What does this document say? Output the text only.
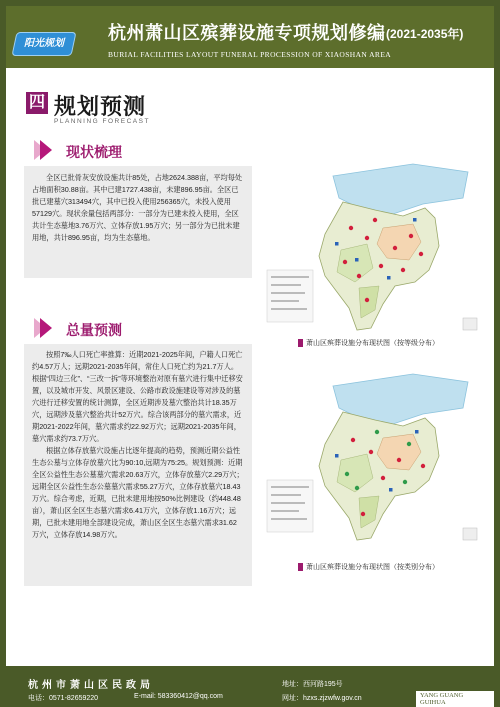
阳光规划
杭州萧山区殡葬设施专项规划修编 (2021-2035年)
BURIAL FACILITIES LAYOUT FUNERAL PROCESSION OF XIAOSHAN AREA
四 规划预测
PLANNING FORECAST
现状梳理

全区已批骨灰安放设施共计85处，占地2624.388亩，平均每处占地面积30.88亩。其中已建1727.438亩，未建896.95亩。全区已批已建墓穴313494穴，其中已投入使用256365穴，未投入使用57129穴。现状余量包括两部分：一部分为已建未投入使用，全区共计生态墓地3.76万穴、立体存放1.95万穴；另一部分为已批未建用地，共计896.95亩，均为生态墓地。

总量预测

按照7‰人口死亡率推算：近期2021-2025年间，户籍人口死亡约4.57万人；远期2021-2035年间，常住人口死亡约为21.7万人。根据“四边三化”、“三改一拆”等环境整治对原有墓穴进行集中迁移安置，以及城市开发、风景区建设、公路市政设施建设等对涉及的墓穴进行迁移安置的统计测算，全区近期涉及墓穴整治共计18.35万穴，远期涉及墓穴整治共计52万穴。综合该两部分的墓穴需求，近期2021-2022年间，墓穴需求约22.92万穴；远期2021-2035年间，墓穴需求约73.7万穴。

根据立体存放墓穴设施占比逐年提高的趋势，预测近期公益性生态公墓与立体存放墓穴比为90:10,远期为75:25。规划预测：近期全区公益性生态公墓墓穴需求20.63万穴，立体存放墓穴2.29万穴；远期全区公益性生态公墓墓穴需求55.27万穴，立体存放墓穴18.43万穴。综合考虑，近期，已批未建用地按50%比例建设（约448.48亩），萧山区全区生态墓穴需求6.41万穴，立体存放1.16万穴；远期，已批未建用地全部建设完成，萧山区全区生态墓穴需求31.62万穴，立体存放14.98万穴。

萧山区殡葬设施分布现状图（按等级分布）
萧山区殡葬设施分布现状图（按类别分布）
杭州市萧山区民政局	地址：西河路195号
电话：0571-82659220	E-mail: 583360412@qq.com	网址：hzxs.zjzwfw.gov.cn	YANG GUANG GUIHUA
